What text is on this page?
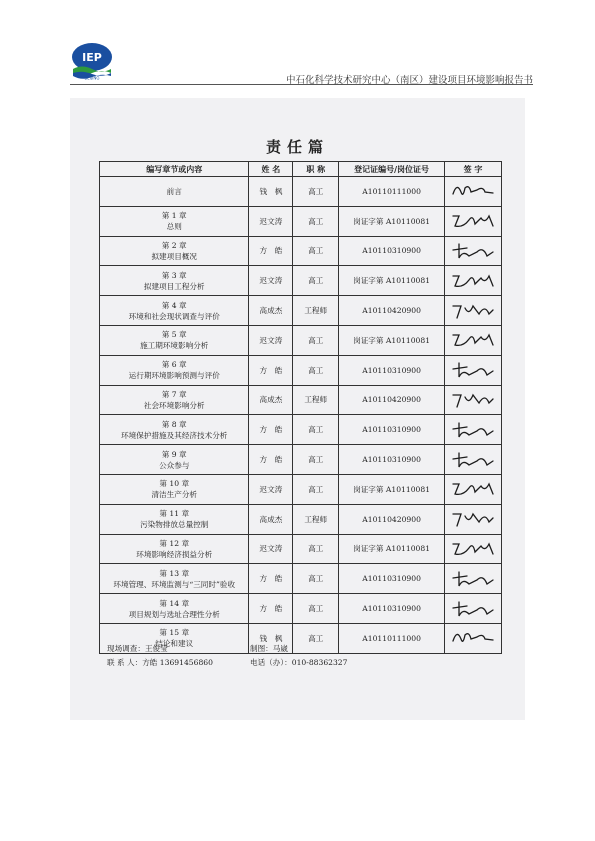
IEP
BEIJING	中石化科学技术研究中心（南区）建设项目环境影响报告书
责任篇
编写章节或内容	姓 名	职 称	登记证编号/岗位证号	签 字

前言	钱　枫	高工	A10110111000	

第 1 章
总则	迟文涛	高工	岗证字第 A10110081	

第 2 章
拟建项目概况	方　皓	高工	A10110310900	

第 3 章
拟建项目工程分析	迟文涛	高工	岗证字第 A10110081	

第 4 章
环境和社会现状调查与评价	高成杰	工程师	A10110420900	

第 5 章
施工期环境影响分析	迟文涛	高工	岗证字第 A10110081	

第 6 章
运行期环境影响预测与评价	方　皓	高工	A10110310900	

第 7 章
社会环境影响分析	高成杰	工程师	A10110420900	

第 8 章
环境保护措施及其经济技术分析	方　皓	高工	A10110310900	

第 9 章
公众参与	方　皓	高工	A10110310900	

第 10 章
清洁生产分析	迟文涛	高工	岗证字第 A10110081	

第 11 章
污染物排放总量控制	高成杰	工程师	A10110420900	

第 12 章
环境影响经济损益分析	迟文涛	高工	岗证字第 A10110081	

第 13 章
环境管理、环境监测与“三同时”验收	方　皓	高工	A10110310900	

第 14 章
项目规划与选址合理性分析	方　皓	高工	A10110310900	

第 15 章
结论和建议	钱　枫	高工	A10110111000	
现场调查：王俊莹	制图：马崴
联 系 人：方皓 13691456860	电话（办）：010-88362327
